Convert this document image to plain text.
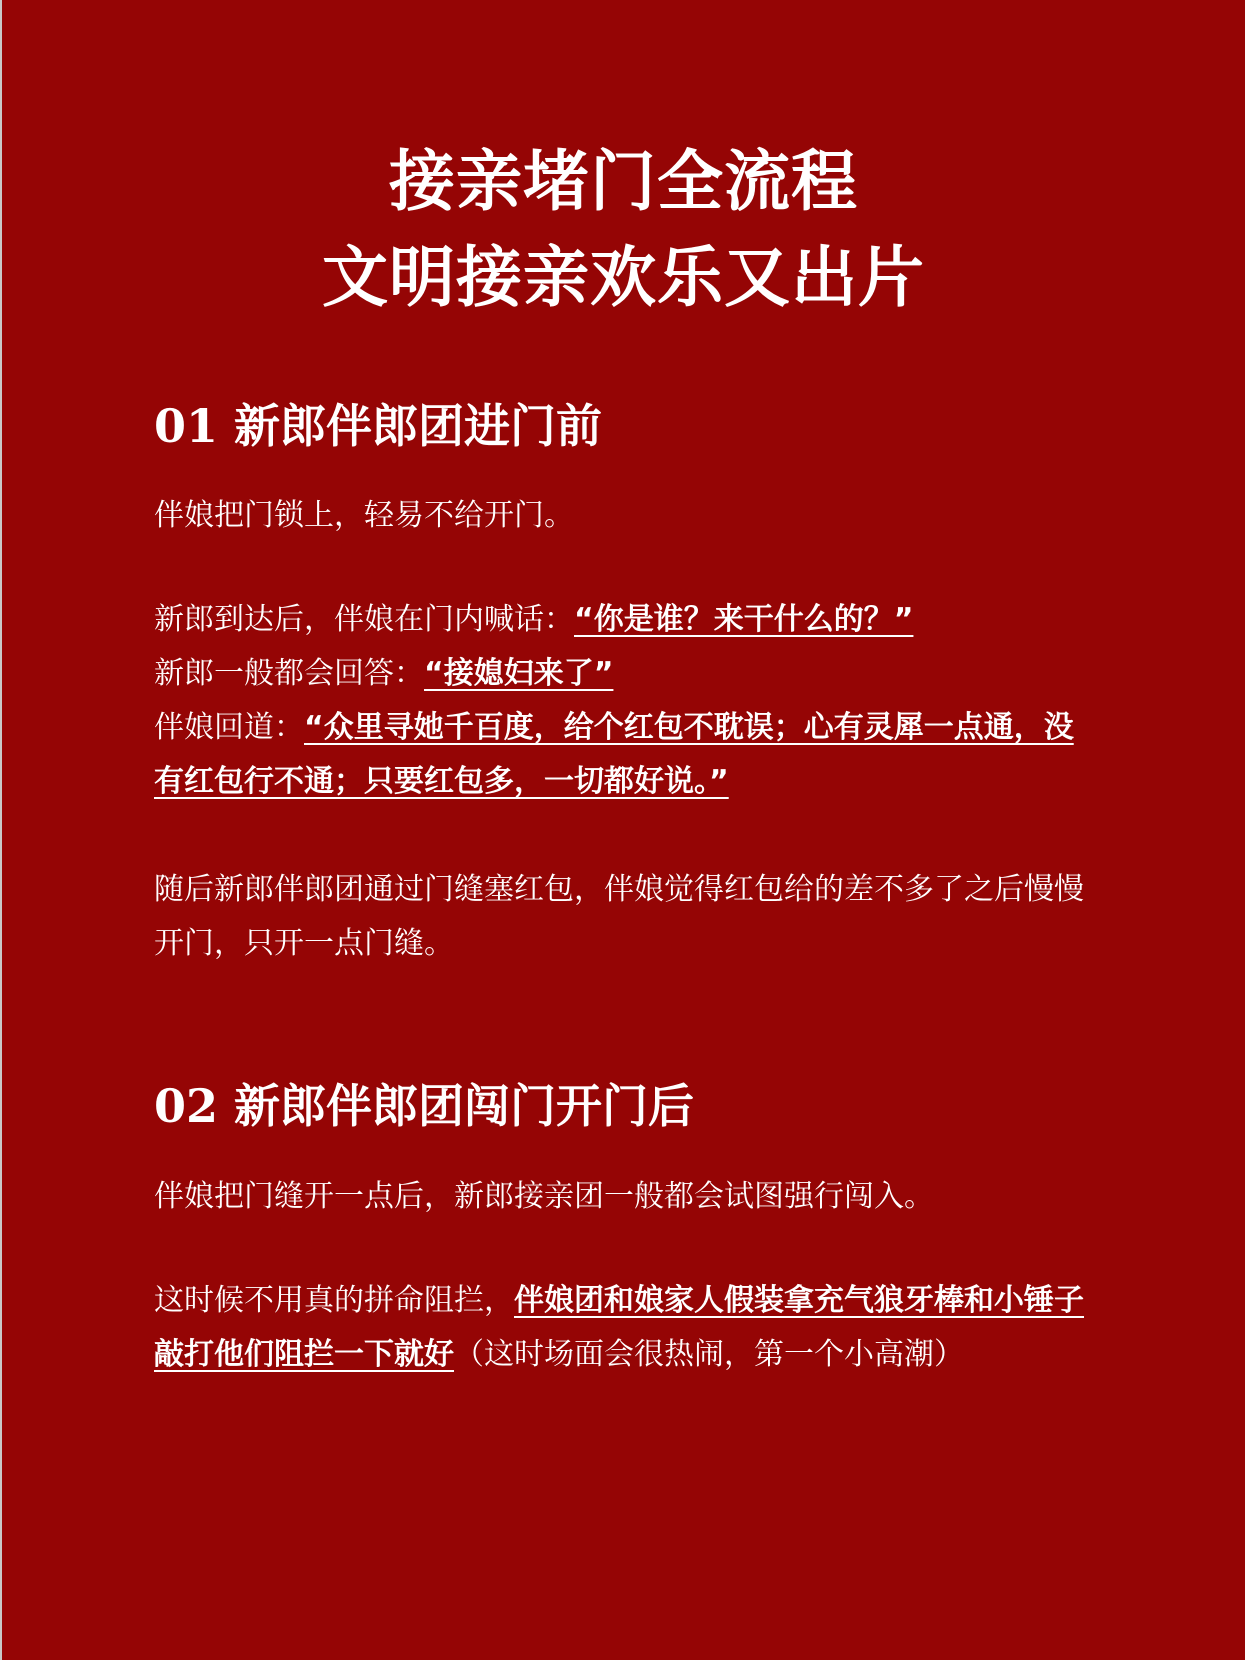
接亲堵门全流程
文明接亲欢乐又出片
01 新郎伴郎团进门前

伴娘把门锁上，轻易不给开门。

新郎到达后，伴娘在门内喊话：“你是谁？来干什么的？”
新郎一般都会回答：“接媳妇来了”
伴娘回道：“众里寻她千百度，给个红包不耽误；心有灵犀一点通，没有红包行不通；只要红包多，一切都好说。”

随后新郎伴郎团通过门缝塞红包，伴娘觉得红包给的差不多了之后慢慢开门，只开一点门缝。

02 新郎伴郎团闯门开门后

伴娘把门缝开一点后，新郎接亲团一般都会试图强行闯入。

这时候不用真的拼命阻拦，伴娘团和娘家人假装拿充气狼牙棒和小锤子敲打他们阻拦一下就好（这时场面会很热闹，第一个小高潮）
